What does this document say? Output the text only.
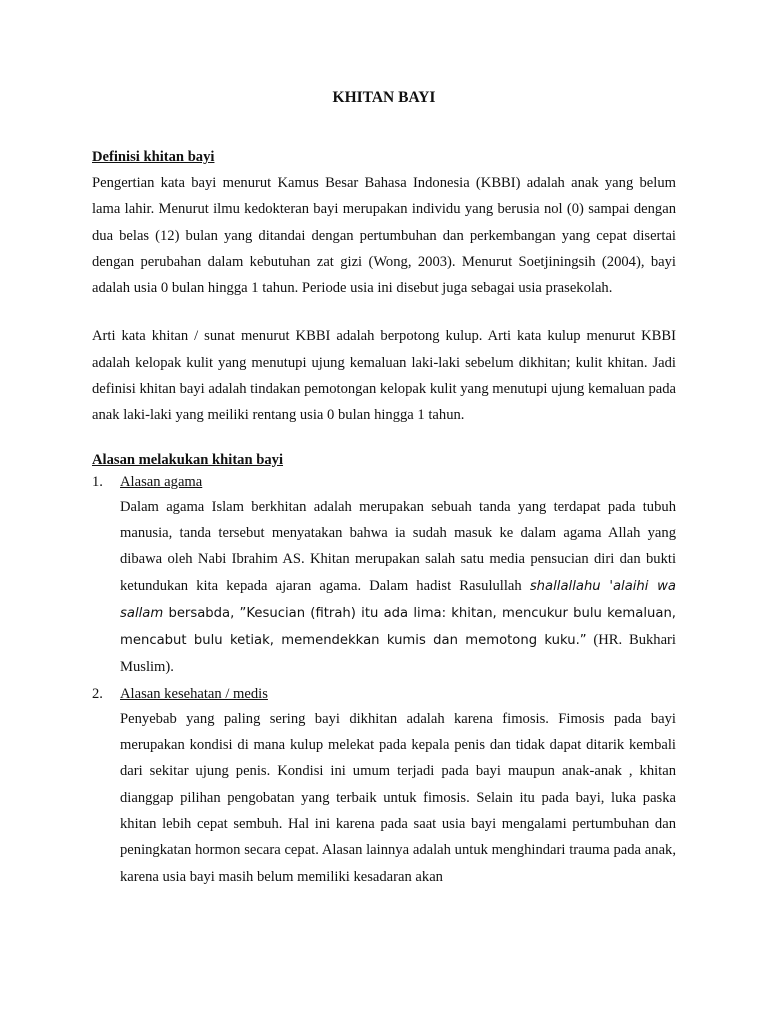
KHITAN BAYI
Definisi khitan bayi

Pengertian kata bayi menurut Kamus Besar Bahasa Indonesia (KBBI) adalah anak yang belum lama lahir. Menurut ilmu kedokteran bayi merupakan individu yang berusia nol (0) sampai dengan dua belas (12) bulan yang ditandai dengan pertumbuhan dan perkembangan yang cepat disertai dengan perubahan dalam kebutuhan zat gizi (Wong, 2003). Menurut Soetjiningsih (2004), bayi adalah usia 0 bulan hingga 1 tahun. Periode usia ini disebut juga sebagai usia prasekolah.

Arti kata khitan / sunat menurut KBBI adalah berpotong kulup. Arti kata kulup menurut KBBI adalah kelopak kulit yang menutupi ujung kemaluan laki-laki sebelum dikhitan; kulit khitan. Jadi definisi khitan bayi adalah tindakan pemotongan kelopak kulit yang menutupi ujung kemaluan pada anak laki-laki yang meiliki rentang usia 0 bulan hingga 1 tahun.

Alasan melakukan khitan bayi
1. Alasan agama

Dalam agama Islam berkhitan adalah merupakan sebuah tanda yang terdapat pada tubuh manusia, tanda tersebut menyatakan bahwa ia sudah masuk ke dalam agama Allah yang dibawa oleh Nabi Ibrahim AS. Khitan merupakan salah satu media pensucian diri dan bukti ketundukan kita kepada ajaran agama. Dalam hadist Rasulullah shallallahu 'alaihi wa sallam bersabda, ”Kesucian (fitrah) itu ada lima: khitan, mencukur bulu kemaluan, mencabut bulu ketiak, memendekkan kumis dan memotong kuku.” (HR. Bukhari Muslim).

2. Alasan kesehatan / medis

Penyebab yang paling sering bayi dikhitan adalah karena fimosis. Fimosis pada bayi merupakan kondisi di mana kulup melekat pada kepala penis dan tidak dapat ditarik kembali dari sekitar ujung penis. Kondisi ini umum terjadi pada bayi maupun anak-anak , khitan dianggap pilihan pengobatan yang terbaik untuk fimosis. Selain itu pada bayi, luka paska khitan lebih cepat sembuh. Hal ini karena pada saat usia bayi mengalami pertumbuhan dan peningkatan hormon secara cepat. Alasan lainnya adalah untuk menghindari trauma pada anak, karena usia bayi masih belum memiliki kesadaran akan
